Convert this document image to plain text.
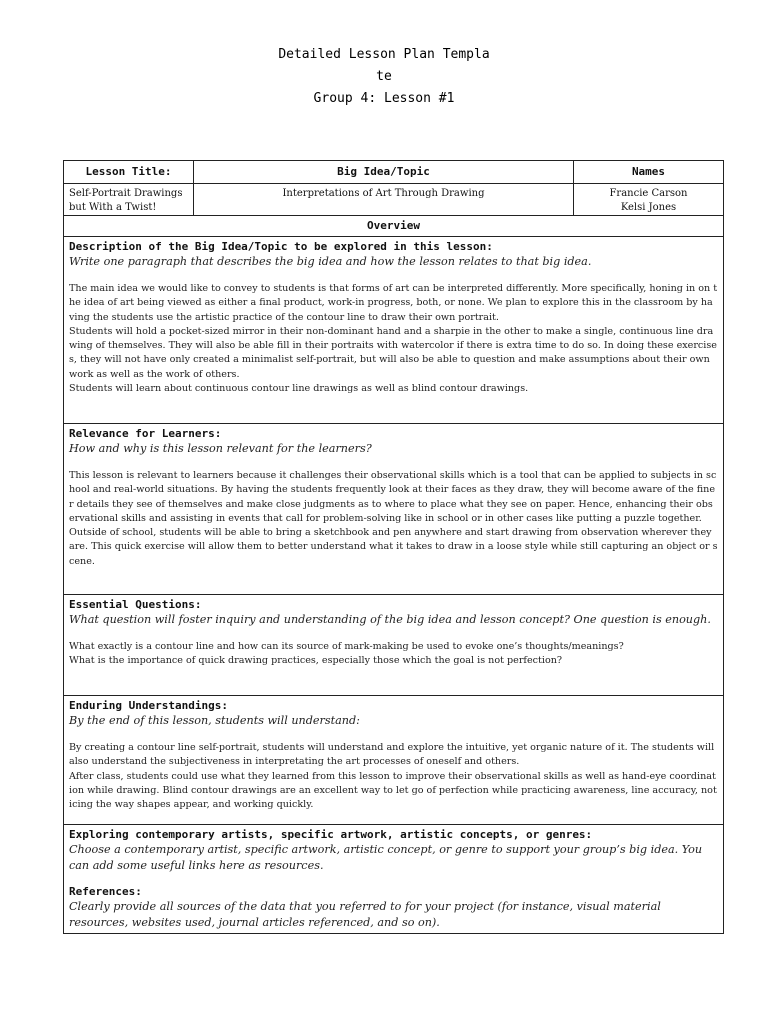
Detailed Lesson Plan Templa
te
Group 4: Lesson #1
Lesson Title:	Big Idea/Topic	Names
Self-Portrait Drawings but With a Twist!	Interpretations of Art Through Drawing	Francie Carson
Kelsi Jones

Overview		

Description of the Big Idea/Topic to be explored in this lesson:
Write one paragraph that describes the big idea and how the lesson relates to that big idea.
The main idea we would like to convey to students is that forms of art can be interpreted differently. More specifically, honing in on the idea of art being viewed as either a final product, work-in progress, both, or none. We plan to explore this in the classroom by having the students use the artistic practice of the contour line to draw their own portrait.
Students will hold a pocket-sized mirror in their non-dominant hand and a sharpie in the other to make a single, continuous line drawing of themselves. They will also be able fill in their portraits with watercolor if there is extra time to do so. In doing these exercises, they will not have only created a minimalist self-portrait, but will also be able to question and make assumptions about their own work as well as the work of others.
Students will learn about continuous contour line drawings as well as blind contour drawings.		

Relevance for Learners:
How and why is this lesson relevant for the learners?
This lesson is relevant to learners because it challenges their observational skills which is a tool that can be applied to subjects in school and real-world situations. By having the students frequently look at their faces as they draw, they will become aware of the finer details they see of themselves and make close judgments as to where to place what they see on paper. Hence, enhancing their observational skills and assisting in events that call for problem-solving like in school or in other cases like putting a puzzle together.
Outside of school, students will be able to bring a sketchbook and pen anywhere and start drawing from observation wherever they are. This quick exercise will allow them to better understand what it takes to draw in a loose style while still capturing an object or scene.		

Essential Questions:
What question will foster inquiry and understanding of the big idea and lesson concept? One question is enough.
What exactly is a contour line and how can its source of mark-making be used to evoke one’s thoughts/meanings?
What is the importance of quick drawing practices, especially those which the goal is not perfection?		

Enduring Understandings:
By the end of this lesson, students will understand:
By creating a contour line self-portrait, students will understand and explore the intuitive, yet organic nature of it. The students will also understand the subjectiveness in interpretating the art processes of oneself and others.
After class, students could use what they learned from this lesson to improve their observational skills as well as hand-eye coordination while drawing. Blind contour drawings are an excellent way to let go of perfection while practicing awareness, line accuracy, noticing the way shapes appear, and working quickly.		

Exploring contemporary artists, specific artwork, artistic concepts, or genres:
Choose a contemporary artist, specific artwork, artistic concept, or genre to support your group’s big idea. You can add some useful links here as resources.
References:
Clearly provide all sources of the data that you referred to for your project (for instance, visual material resources, websites used, journal articles referenced, and so on).		
